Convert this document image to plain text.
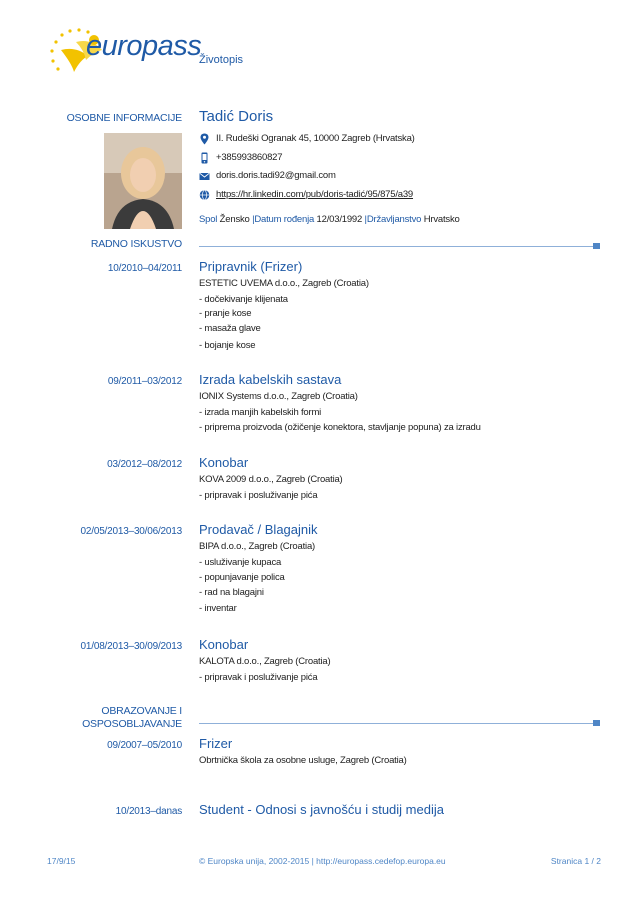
europass
Životopis
OSOBNE INFORMACIJE Tadić Doris
II. Rudeški Ogranak 45, 10000 Zagreb (Hrvatska)
+385993860827
doris.doris.tadi92@gmail.com
https://hr.linkedin.com/pub/doris-tadić/95/875/a39
Spol Žensko |Datum rođenja 12/03/1992 |Državljanstvo Hrvatsko
RADNO ISKUSTVO
10/2010–04/2011 Pripravnik (Frizer)
ESTETIC UVEMA d.o.o., Zagreb (Croatia)
- dočekivanje klijenata
- pranje kose
- masaža glave
- bojanje kose
09/2011–03/2012 Izrada kabelskih sastava
IONIX Systems d.o.o., Zagreb (Croatia)
- izrada manjih kabelskih formi
- priprema proizvoda (ožičenje konektora, stavljanje popuna) za izradu
03/2012–08/2012 Konobar
KOVA 2009 d.o.o., Zagreb (Croatia)
- pripravak i posluživanje pića
02/05/2013–30/06/2013 Prodavač / Blagajnik
BIPA d.o.o., Zagreb (Croatia)
- usluživanje kupaca
- popunjavanje polica
- rad na blagajni
- inventar
01/08/2013–30/09/2013 Konobar
KALOTA d.o.o., Zagreb (Croatia)
- pripravak i posluživanje pića
OBRAZOVANJE I
OSPOSOBLJAVANJE
09/2007–05/2010 Frizer
Obrtnička škola za osobne usluge, Zagreb (Croatia)
10/2013–danas Student - Odnosi s javnošću i studij medija
17/9/15	© Europska unija, 2002-2015 | http://europass.cedefop.europa.eu	Stranica 1 / 2
